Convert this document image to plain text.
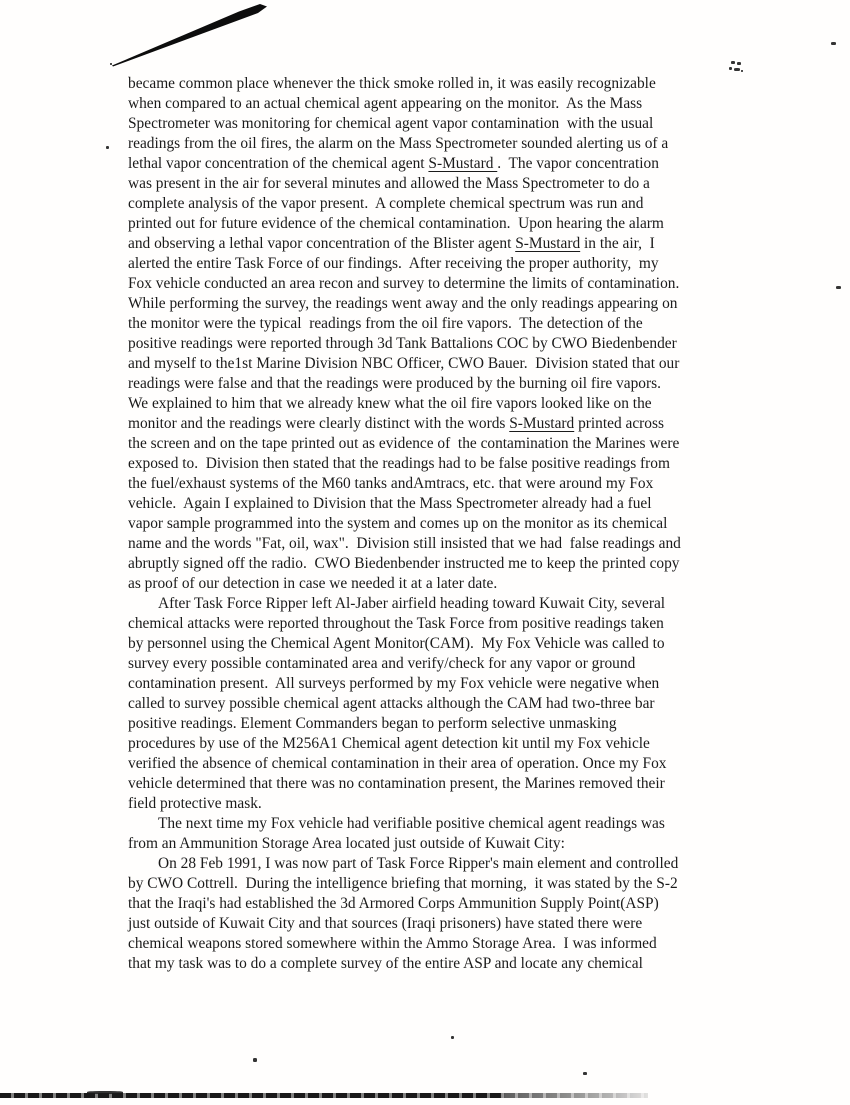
became common place whenever the thick smoke rolled in, it was easily recognizable
when compared to an actual chemical agent appearing on the monitor.  As the Mass
Spectrometer was monitoring for chemical agent vapor contamination  with the usual
readings from the oil fires, the alarm on the Mass Spectrometer sounded alerting us of a
lethal vapor concentration of the chemical agent S-Mustard .  The vapor concentration
was present in the air for several minutes and allowed the Mass Spectrometer to do a
complete analysis of the vapor present.  A complete chemical spectrum was run and
printed out for future evidence of the chemical contamination.  Upon hearing the alarm
and observing a lethal vapor concentration of the Blister agent S-Mustard in the air,  I
alerted the entire Task Force of our findings.  After receiving the proper authority,  my
Fox vehicle conducted an area recon and survey to determine the limits of contamination.
While performing the survey, the readings went away and the only readings appearing on
the monitor were the typical  readings from the oil fire vapors.  The detection of the
positive readings were reported through 3d Tank Battalions COC by CWO Biedenbender
and myself to the1st Marine Division NBC Officer, CWO Bauer.  Division stated that our
readings were false and that the readings were produced by the burning oil fire vapors.
We explained to him that we already knew what the oil fire vapors looked like on the
monitor and the readings were clearly distinct with the words S-Mustard printed across
the screen and on the tape printed out as evidence of  the contamination the Marines were
exposed to.  Division then stated that the readings had to be false positive readings from
the fuel/exhaust systems of the M60 tanks andAmtracs, etc. that were around my Fox
vehicle.  Again I explained to Division that the Mass Spectrometer already had a fuel
vapor sample programmed into the system and comes up on the monitor as its chemical
name and the words "Fat, oil, wax".  Division still insisted that we had  false readings and
abruptly signed off the radio.  CWO Biedenbender instructed me to keep the printed copy
as proof of our detection in case we needed it at a later date.
After Task Force Ripper left Al-Jaber airfield heading toward Kuwait City, several
chemical attacks were reported throughout the Task Force from positive readings taken
by personnel using the Chemical Agent Monitor(CAM).  My Fox Vehicle was called to
survey every possible contaminated area and verify/check for any vapor or ground
contamination present.  All surveys performed by my Fox vehicle were negative when
called to survey possible chemical agent attacks although the CAM had two-three bar
positive readings. Element Commanders began to perform selective unmasking
procedures by use of the M256A1 Chemical agent detection kit until my Fox vehicle
verified the absence of chemical contamination in their area of operation. Once my Fox
vehicle determined that there was no contamination present, the Marines removed their
field protective mask.
The next time my Fox vehicle had verifiable positive chemical agent readings was
from an Ammunition Storage Area located just outside of Kuwait City:
On 28 Feb 1991, I was now part of Task Force Ripper's main element and controlled
by CWO Cottrell.  During the intelligence briefing that morning,  it was stated by the S-2
that the Iraqi's had established the 3d Armored Corps Ammunition Supply Point(ASP)
just outside of Kuwait City and that sources (Iraqi prisoners) have stated there were
chemical weapons stored somewhere within the Ammo Storage Area.  I was informed
that my task was to do a complete survey of the entire ASP and locate any chemical
